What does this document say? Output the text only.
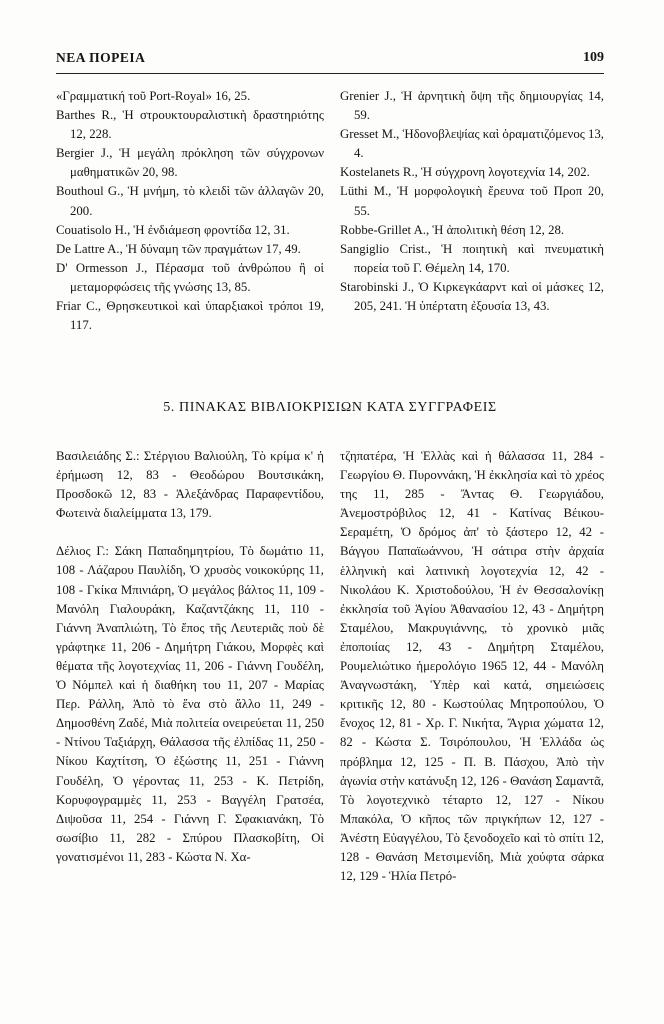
ΝΕΑ ΠΟΡΕΙΑ	109
«Γραμματική τοῦ Port-Royal» 16, 25.
Barthes R., Ἡ στρουκτουραλιστικὴ δραστηριότης 12, 228.
Bergier J., Ἡ μεγάλη πρόκληση τῶν σύγχρονων μαθηματικῶν 20, 98.
Bouthoul G., Ἡ μνήμη, τὸ κλειδὶ τῶν ἀλλαγῶν 20, 200.
Couatisolo H., Ἡ ἐνδιάμεση φροντίδα 12, 31.
De Lattre A., Ἡ δύναμη τῶν πραγμάτων 17, 49.
D' Ormesson J., Πέρασμα τοῦ ἀνθρώπου ἢ οἱ μεταμορφώσεις τῆς γνώσης 13, 85.
Friar C., Θρησκευτικοὶ καὶ ὑπαρξιακοὶ τρόποι 19, 117.
Grenier J., Ἡ ἀρνητικὴ ὄψη τῆς δημιουργίας 14, 59.
Gresset M., Ἡδονοβλεψίας καὶ ὁραματιζόμενος 13, 4.
Kostelanets R., Ἡ σύγχρονη λογοτεχνία 14, 202.
Lüthi M., Ἡ μορφολογικὴ ἔρευνα τοῦ Προπ 20, 55.
Robbe-Grillet A., Ἡ ἀπολιτικὴ θέση 12, 28.
Sangiglio Crist., Ἡ ποιητικὴ καὶ πνευματικὴ πορεία τοῦ Γ. Θέμελη 14, 170.
Starobinski J., Ὁ Κιρκεγκάαρντ καὶ οἱ μάσκες 12, 205, 241. Ἡ ὑπέρτατη ἐξουσία 13, 43.
5. ΠΙΝΑΚΑΣ ΒΙΒΛΙΟΚΡΙΣΙΩΝ ΚΑΤΑ ΣΥΓΓΡΑΦΕΙΣ

Βασιλειάδης Σ.: Στέργιου Βαλιούλη, Τὸ κρίμα κ' ἡ ἐρήμωση 12, 83 - Θεοδώρου Βουτσικάκη, Προσδοκῶ 12, 83 - Ἀλεξάνδρας Παραφεντίδου, Φωτεινὰ διαλείμματα 13, 179.

Δέλιος Γ.: Σάκη Παπαδημητρίου, Τὸ δωμάτιο 11, 108 - Λάζαρου Παυλίδη, Ὁ χρυσὸς νοικοκύρης 11, 108 - Γκίκα Μπινιάρη, Ὁ μεγάλος βάλτος 11, 109 - Μανόλη Γιαλουράκη, Καζαντζάκης 11, 110 - Γιάννη Ἀναπλιώτη, Τὸ ἔπος τῆς Λευτεριᾶς ποὺ δὲ γράφτηκε 11, 206 - Δημήτρη Γιάκου, Μορφὲς καὶ θέματα τῆς λογοτεχνίας 11, 206 - Γιάννη Γουδέλη, Ὁ Νόμπελ καὶ ἡ διαθήκη του 11, 207 - Μαρίας Περ. Ράλλη, Ἀπὸ τὸ ἕνα στὸ ἄλλο 11, 249 - Δημοσθένη Ζαδέ, Μιὰ πολιτεία ονειρεύεται 11, 250 - Ντίνου Ταξιάρχη, Θάλασσα τῆς ἐλπίδας 11, 250 - Νίκου Καχτίτση, Ὁ ἐξώστης 11, 251 - Γιάννη Γουδέλη, Ὁ γέροντας 11, 253 - Κ. Πετρίδη, Κορυφογραμμὲς 11, 253 - Βαγγέλη Γρατσέα, Διψοῦσα 11, 254 - Γιάννη Γ. Σφακιανάκη, Τὸ σωσίβιο 11, 282 - Σπύρου Πλασκοβίτη, Οἱ γονατισμένοι 11, 283 - Κώστα Ν. Χα-

τζηπατέρα, Ἡ Ἑλλὰς καὶ ἡ θάλασσα 11, 284 - Γεωργίου Θ. Πυροννάκη, Ἡ ἐκκλησία καὶ τὸ χρέος της 11, 285 - Ἄντας Θ. Γεωργιάδου, Ἀνεμοστρόβιλος 12, 41 - Κατίνας Βέικου-Σεραμέτη, Ὁ δρόμος ἀπ' τὸ ξάστερο 12, 42 - Βάγγου Παπαϊωάννου, Ἡ σάτιρα στὴν ἀρχαία ἑλληνικὴ καὶ λατινικὴ λογοτεχνία 12, 42 - Νικολάου Κ. Χριστοδούλου, Ἡ ἐν Θεσσαλονίκῃ ἐκκλησία τοῦ Ἁγίου Ἀθανασίου 12, 43 - Δημήτρη Σταμέλου, Μακρυγιάννης, τὸ χρονικὸ μιᾶς ἐποποιίας 12, 43 - Δημήτρη Σταμέλου, Ρουμελιώτικο ἡμερολόγιο 1965 12, 44 - Μανόλη Ἀναγνωστάκη, Ὑπὲρ καὶ κατά, σημειώσεις κριτικῆς 12, 80 - Κωστούλας Μητροπούλου, Ὁ ἔνοχος 12, 81 - Χρ. Γ. Νικήτα, Ἄγρια χώματα 12, 82 - Κώστα Σ. Τσιρόπουλου, Ἡ Ἑλλάδα ὡς πρόβλημα 12, 125 - Π. Β. Πάσχου, Ἀπὸ τὴν ἀγωνία στὴν κατάνυξη 12, 126 - Θανάση Σαμαντᾶ, Τὸ λογοτεχνικὸ τέταρτο 12, 127 - Νίκου Μπακόλα, Ὁ κῆπος τῶν πριγκήπων 12, 127 - Ἀνέστη Εὐαγγέλου, Τὸ ξενοδοχεῖο καὶ τὸ σπίτι 12, 128 - Θανάση Μετσιμενίδη, Μιὰ χούφτα σάρκα 12, 129 - Ἡλία Πετρό-
